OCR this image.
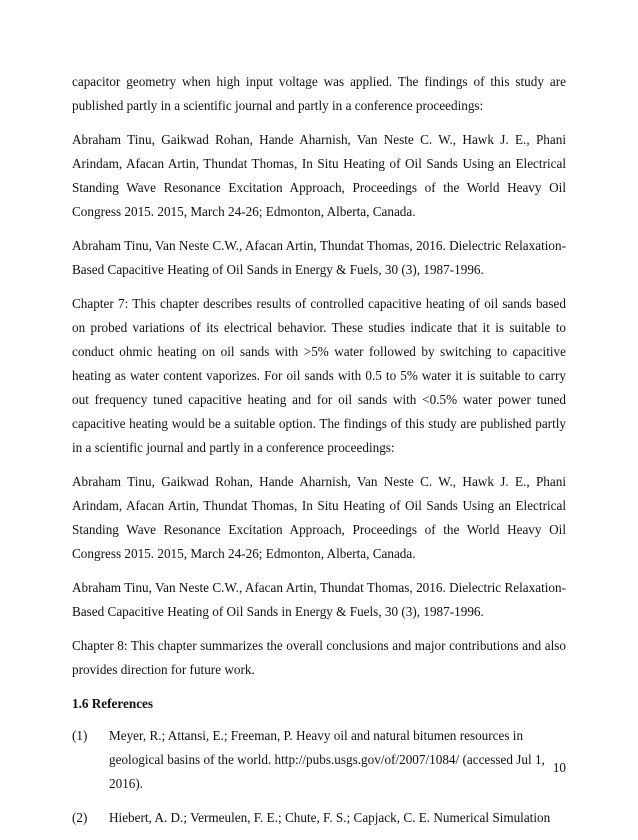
capacitor geometry when high input voltage was applied. The findings of this study are published partly in a scientific journal and partly in a conference proceedings:

Abraham Tinu, Gaikwad Rohan, Hande Aharnish, Van Neste C. W., Hawk J. E., Phani Arindam, Afacan Artin, Thundat Thomas, In Situ Heating of Oil Sands Using an Electrical Standing Wave Resonance Excitation Approach, Proceedings of the World Heavy Oil Congress 2015. 2015, March 24-26; Edmonton, Alberta, Canada.

Abraham Tinu, Van Neste C.W., Afacan Artin, Thundat Thomas, 2016. Dielectric Relaxation-Based Capacitive Heating of Oil Sands in Energy & Fuels, 30 (3), 1987-1996.

Chapter 7: This chapter describes results of controlled capacitive heating of oil sands based on probed variations of its electrical behavior. These studies indicate that it is suitable to conduct ohmic heating on oil sands with >5% water followed by switching to capacitive heating as water content vaporizes. For oil sands with 0.5 to 5% water it is suitable to carry out frequency tuned capacitive heating and for oil sands with <0.5% water power tuned capacitive heating would be a suitable option. The findings of this study are published partly in a scientific journal and partly in a conference proceedings:

Abraham Tinu, Gaikwad Rohan, Hande Aharnish, Van Neste C. W., Hawk J. E., Phani Arindam, Afacan Artin, Thundat Thomas, In Situ Heating of Oil Sands Using an Electrical Standing Wave Resonance Excitation Approach, Proceedings of the World Heavy Oil Congress 2015. 2015, March 24-26; Edmonton, Alberta, Canada.

Abraham Tinu, Van Neste C.W., Afacan Artin, Thundat Thomas, 2016. Dielectric Relaxation-Based Capacitive Heating of Oil Sands in Energy & Fuels, 30 (3), 1987-1996.

Chapter 8: This chapter summarizes the overall conclusions and major contributions and also provides direction for future work.

1.6 References
(1)	Meyer, R.; Attansi, E.; Freeman, P. Heavy oil and natural bitumen resources in geological basins of the world. http://pubs.usgs.gov/of/2007/1084/ (accessed Jul 1, 2016).
(2)	Hiebert, A. D.; Vermeulen, F. E.; Chute, F. S.; Capjack, C. E. Numerical Simulation
10
